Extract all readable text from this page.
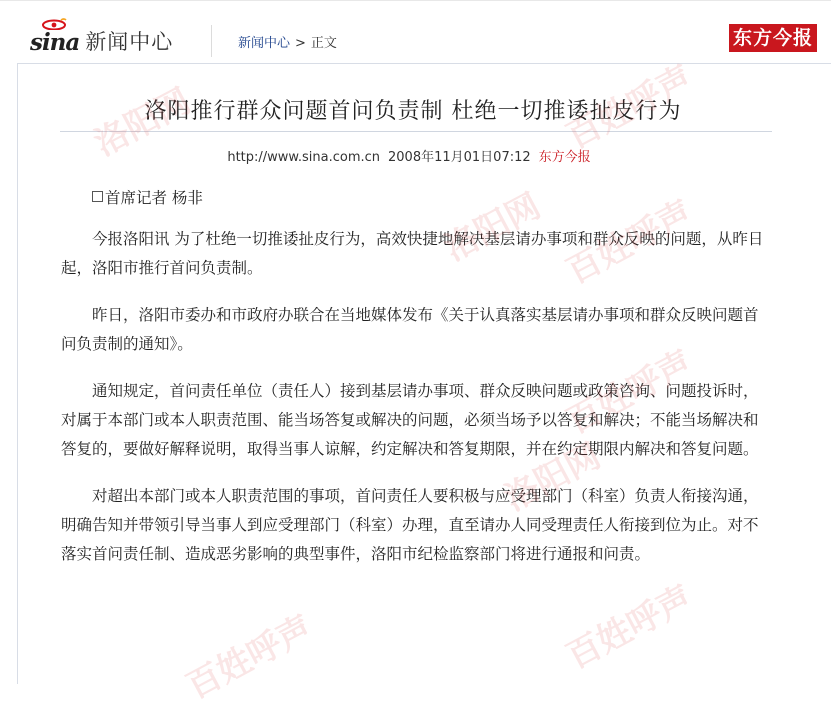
sina 新闻中心	新闻中心 > 正文	东方今报
洛阳推行群众问题首问负责制 杜绝一切推诿扯皮行为
http://www.sina.com.cn 2008年11月01日07:12 东方今报

首席记者 杨非

今报洛阳讯 为了杜绝一切推诿扯皮行为，高效快捷地解决基层请办事项和群众反映的问题，从昨日起，洛阳市推行首问负责制。

昨日，洛阳市委办和市政府办联合在当地媒体发布《关于认真落实基层请办事项和群众反映问题首问负责制的通知》。

通知规定，首问责任单位（责任人）接到基层请办事项、群众反映问题或政策咨询、问题投诉时，对属于本部门或本人职责范围、能当场答复或解决的问题，必须当场予以答复和解决；不能当场解决和答复的，要做好解释说明，取得当事人谅解，约定解决和答复期限，并在约定期限内解决和答复问题。

对超出本部门或本人职责范围的事项，首问责任人要积极与应受理部门（科室）负责人衔接沟通，明确告知并带领引导当事人到应受理部门（科室）办理，直至请办人同受理责任人衔接到位为止。对不落实首问责任制、造成恶劣影响的典型事件，洛阳市纪检监察部门将进行通报和问责。
